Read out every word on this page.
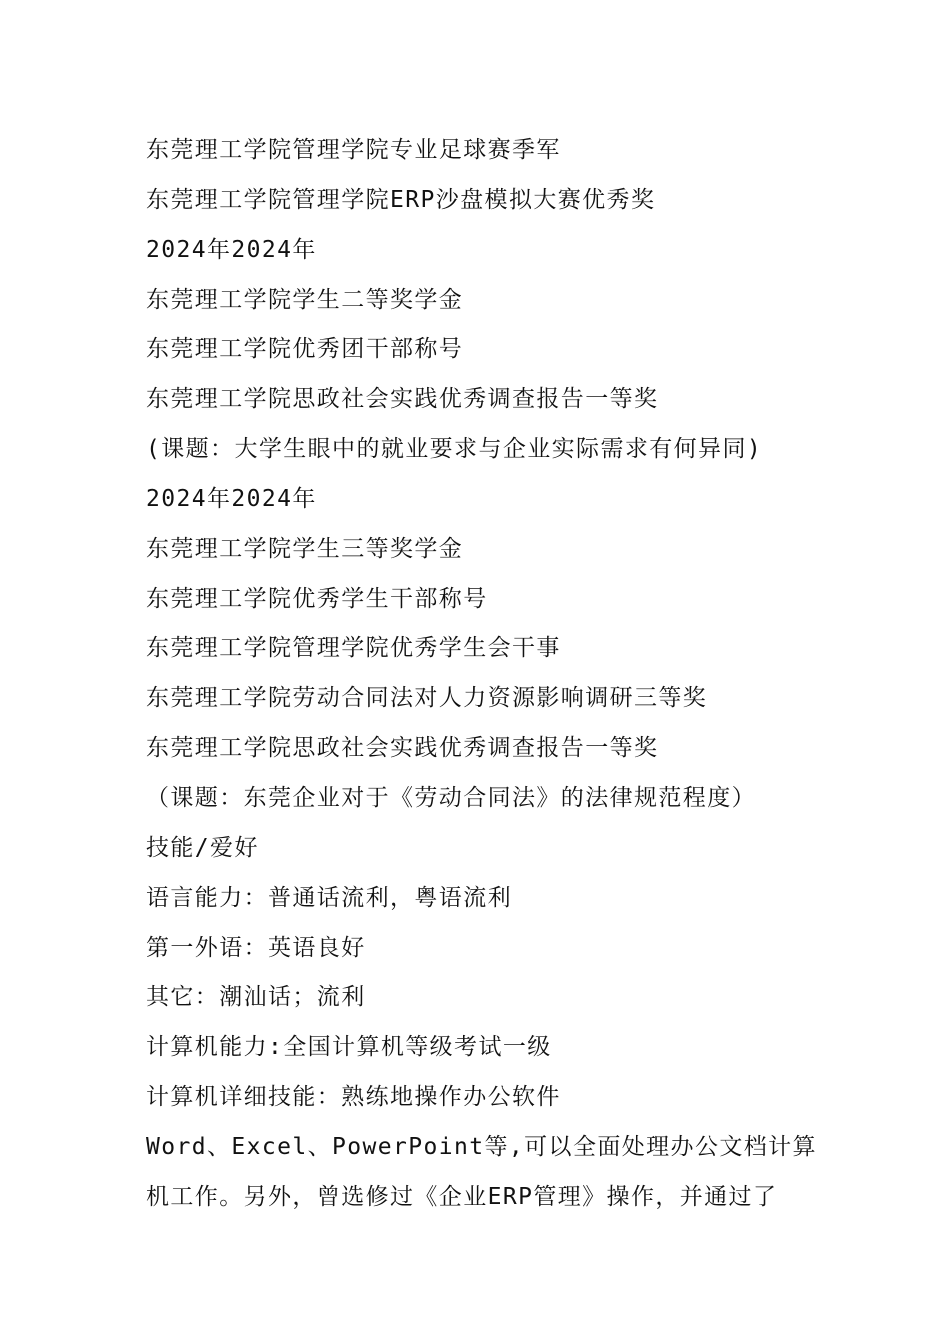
东莞理工学院管理学院专业足球赛季军
东莞理工学院管理学院ERP沙盘模拟大赛优秀奖
2024年2024年
东莞理工学院学生二等奖学金
东莞理工学院优秀团干部称号
东莞理工学院思政社会实践优秀调查报告一等奖
(课题：大学生眼中的就业要求与企业实际需求有何异同)
2024年2024年
东莞理工学院学生三等奖学金
东莞理工学院优秀学生干部称号
东莞理工学院管理学院优秀学生会干事
东莞理工学院劳动合同法对人力资源影响调研三等奖
东莞理工学院思政社会实践优秀调查报告一等奖
（课题：东莞企业对于《劳动合同法》的法律规范程度）
技能/爱好
语言能力：普通话流利，粤语流利
第一外语：英语良好
其它：潮汕话；流利
计算机能力:全国计算机等级考试一级
计算机详细技能：熟练地操作办公软件
Word、Excel、PowerPoint等,可以全面处理办公文档计算
机工作。另外，曾选修过《企业ERP管理》操作，并通过了
